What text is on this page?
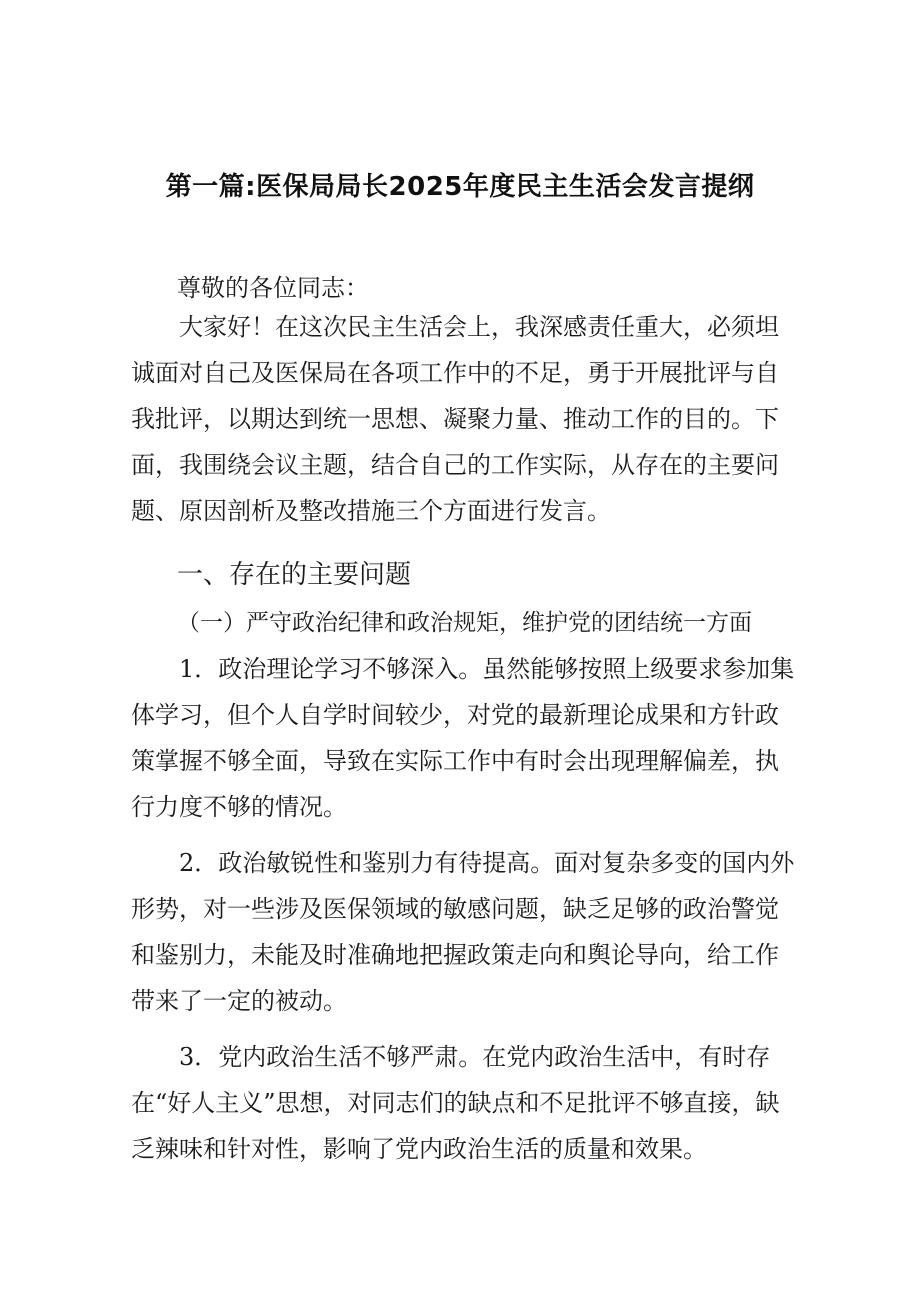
第一篇:医保局局长2025年度民主生活会发言提纲
尊敬的各位同志：

大家好！在这次民主生活会上，我深感责任重大，必须坦诚面对自己及医保局在各项工作中的不足，勇于开展批评与自我批评，以期达到统一思想、凝聚力量、推动工作的目的。下面，我围绕会议主题，结合自己的工作实际，从存在的主要问题、原因剖析及整改措施三个方面进行发言。

一、存在的主要问题
（一）严守政治纪律和政治规矩，维护党的团结统一方面

1．政治理论学习不够深入。虽然能够按照上级要求参加集体学习，但个人自学时间较少，对党的最新理论成果和方针政策掌握不够全面，导致在实际工作中有时会出现理解偏差，执行力度不够的情况。

2．政治敏锐性和鉴别力有待提高。面对复杂多变的国内外形势，对一些涉及医保领域的敏感问题，缺乏足够的政治警觉和鉴别力，未能及时准确地把握政策走向和舆论导向，给工作带来了一定的被动。

3．党内政治生活不够严肃。在党内政治生活中，有时存在“好人主义”思想，对同志们的缺点和不足批评不够直接，缺乏辣味和针对性，影响了党内政治生活的质量和效果。
